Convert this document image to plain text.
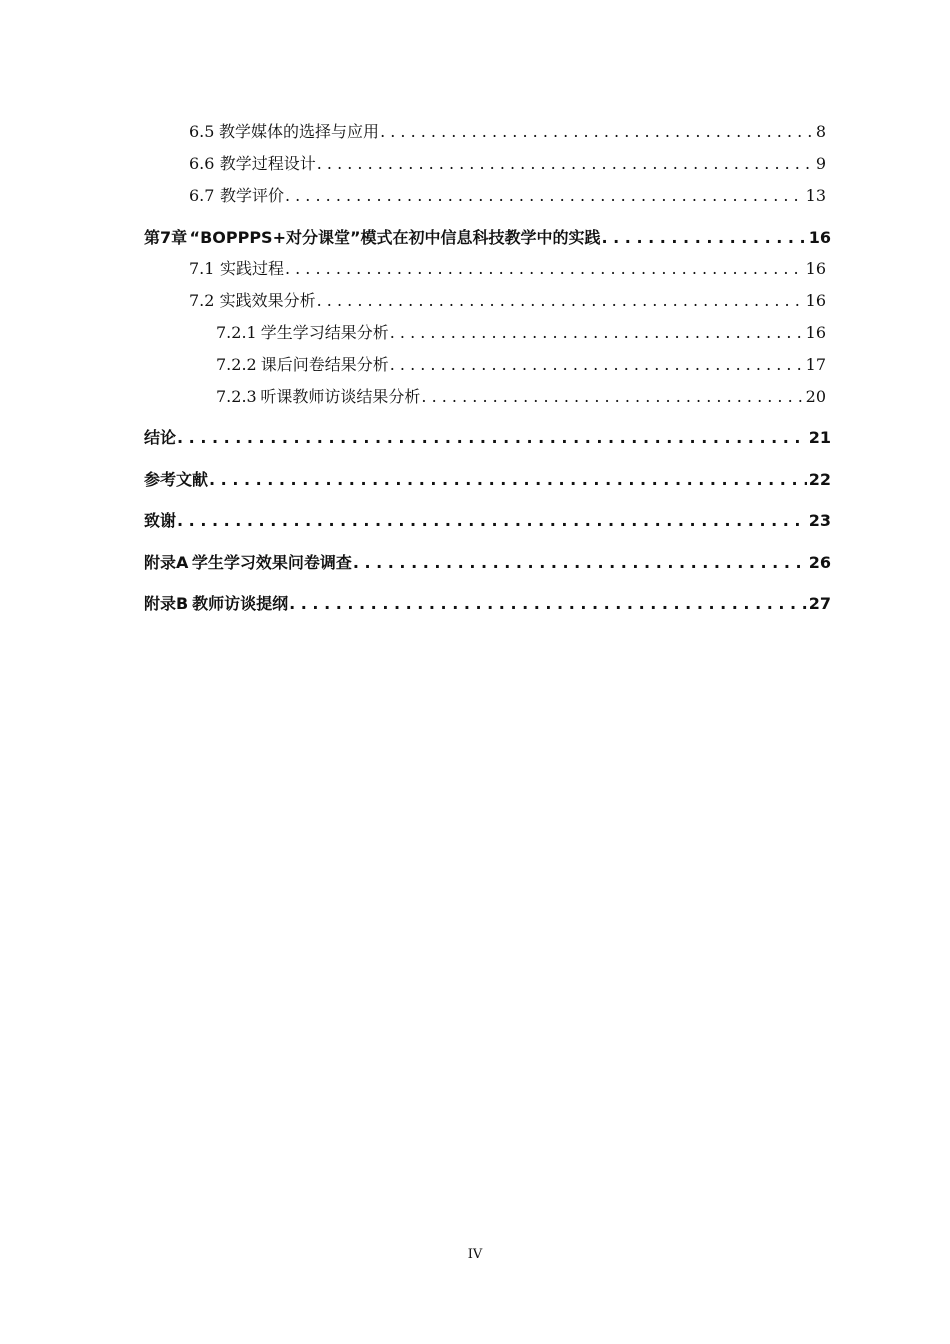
6.5 教学媒体的选择与应用 . . .	8
6.6 教学过程设计 . . .	9
6.7 教学评价 . . .	13
第7章 “BOPPPS+对分课堂”模式在初中信息科技教学中的实践 . . .	16
7.1 实践过程 . . .	16
7.2 实践效果分析 . . .	16
7.2.1 学生学习结果分析 . . .	16
7.2.2 课后问卷结果分析 . . .	17
7.2.3 听课教师访谈结果分析 . . .	20
结论 . . .	21
参考文献 . . .	22
致谢 . . .	23
附录A 学生学习效果问卷调查 . . .	26
附录B 教师访谈提纲 . . .	27
IV
